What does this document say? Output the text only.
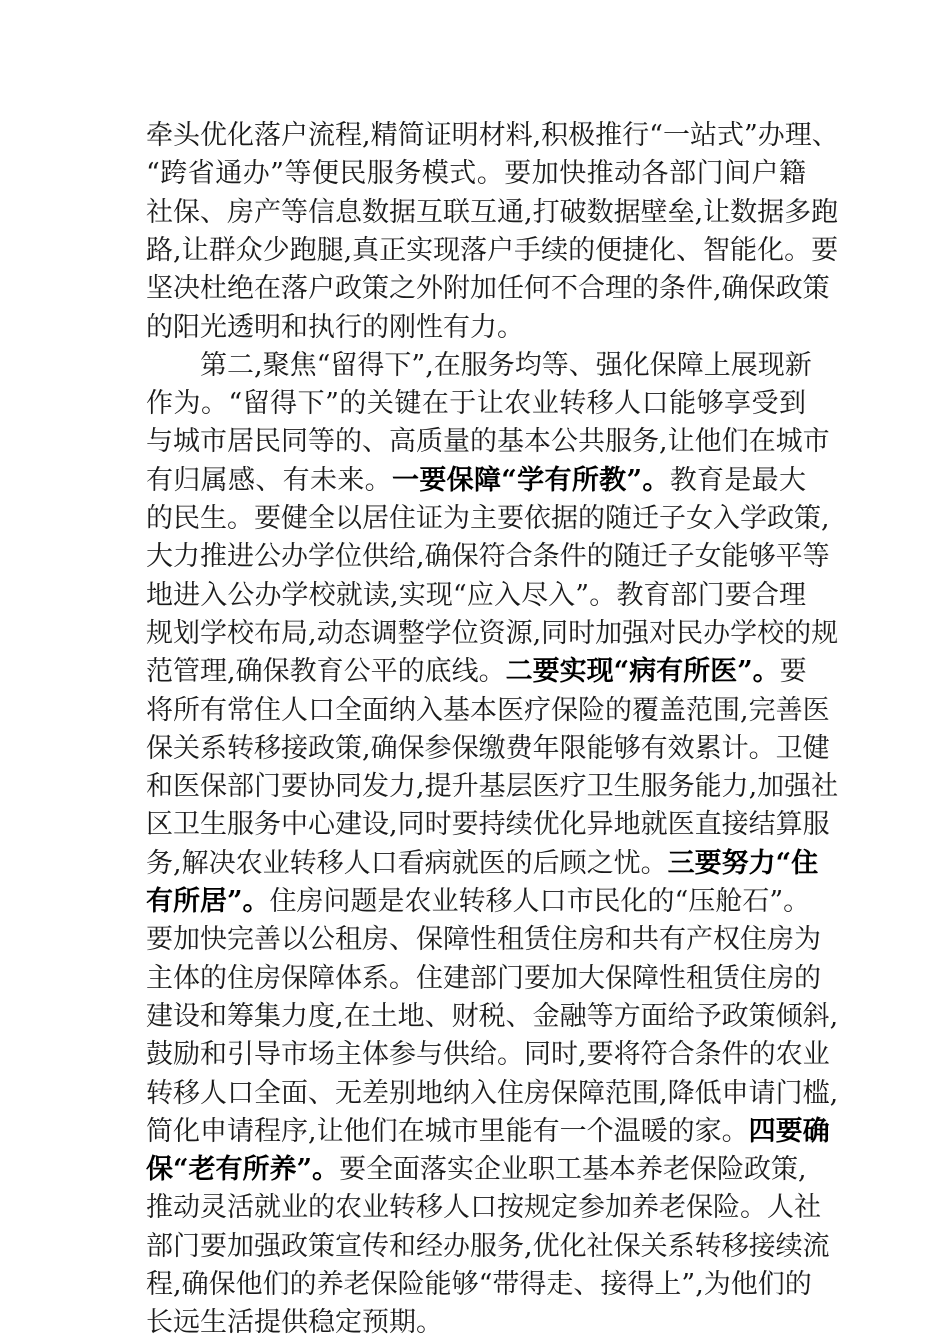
牵头优化落户流程,精简证明材料,积极推行“一站式”办理、
“跨省通办”等便民服务模式。要加快推动各部门间户籍
社保、房产等信息数据互联互通,打破数据壁垒,让数据多跑
路,让群众少跑腿,真正实现落户手续的便捷化、智能化。要
坚决杜绝在落户政策之外附加任何不合理的条件,确保政策
的阳光透明和执行的刚性有力。
第二,聚焦“留得下”,在服务均等、强化保障上展现新
作为。“留得下”的关键在于让农业转移人口能够享受到
与城市居民同等的、高质量的基本公共服务,让他们在城市
有归属感、有未来。一要保障“学有所教”。教育是最大
的民生。要健全以居住证为主要依据的随迁子女入学政策,
大力推进公办学位供给,确保符合条件的随迁子女能够平等
地进入公办学校就读,实现“应入尽入”。教育部门要合理
规划学校布局,动态调整学位资源,同时加强对民办学校的规
范管理,确保教育公平的底线。二要实现“病有所医”。要
将所有常住人口全面纳入基本医疗保险的覆盖范围,完善医
保关系转移接政策,确保参保缴费年限能够有效累计。卫健
和医保部门要协同发力,提升基层医疗卫生服务能力,加强社
区卫生服务中心建设,同时要持续优化异地就医直接结算服
务,解决农业转移人口看病就医的后顾之忧。三要努力“住
有所居”。住房问题是农业转移人口市民化的“压舱石”。
要加快完善以公租房、保障性租赁住房和共有产权住房为
主体的住房保障体系。住建部门要加大保障性租赁住房的
建设和筹集力度,在土地、财税、金融等方面给予政策倾斜,
鼓励和引导市场主体参与供给。同时,要将符合条件的农业
转移人口全面、无差别地纳入住房保障范围,降低申请门槛,
简化申请程序,让他们在城市里能有一个温暖的家。四要确
保“老有所养”。要全面落实企业职工基本养老保险政策,
推动灵活就业的农业转移人口按规定参加养老保险。人社
部门要加强政策宣传和经办服务,优化社保关系转移接续流
程,确保他们的养老保险能够“带得走、接得上”,为他们的
长远生活提供稳定预期。
